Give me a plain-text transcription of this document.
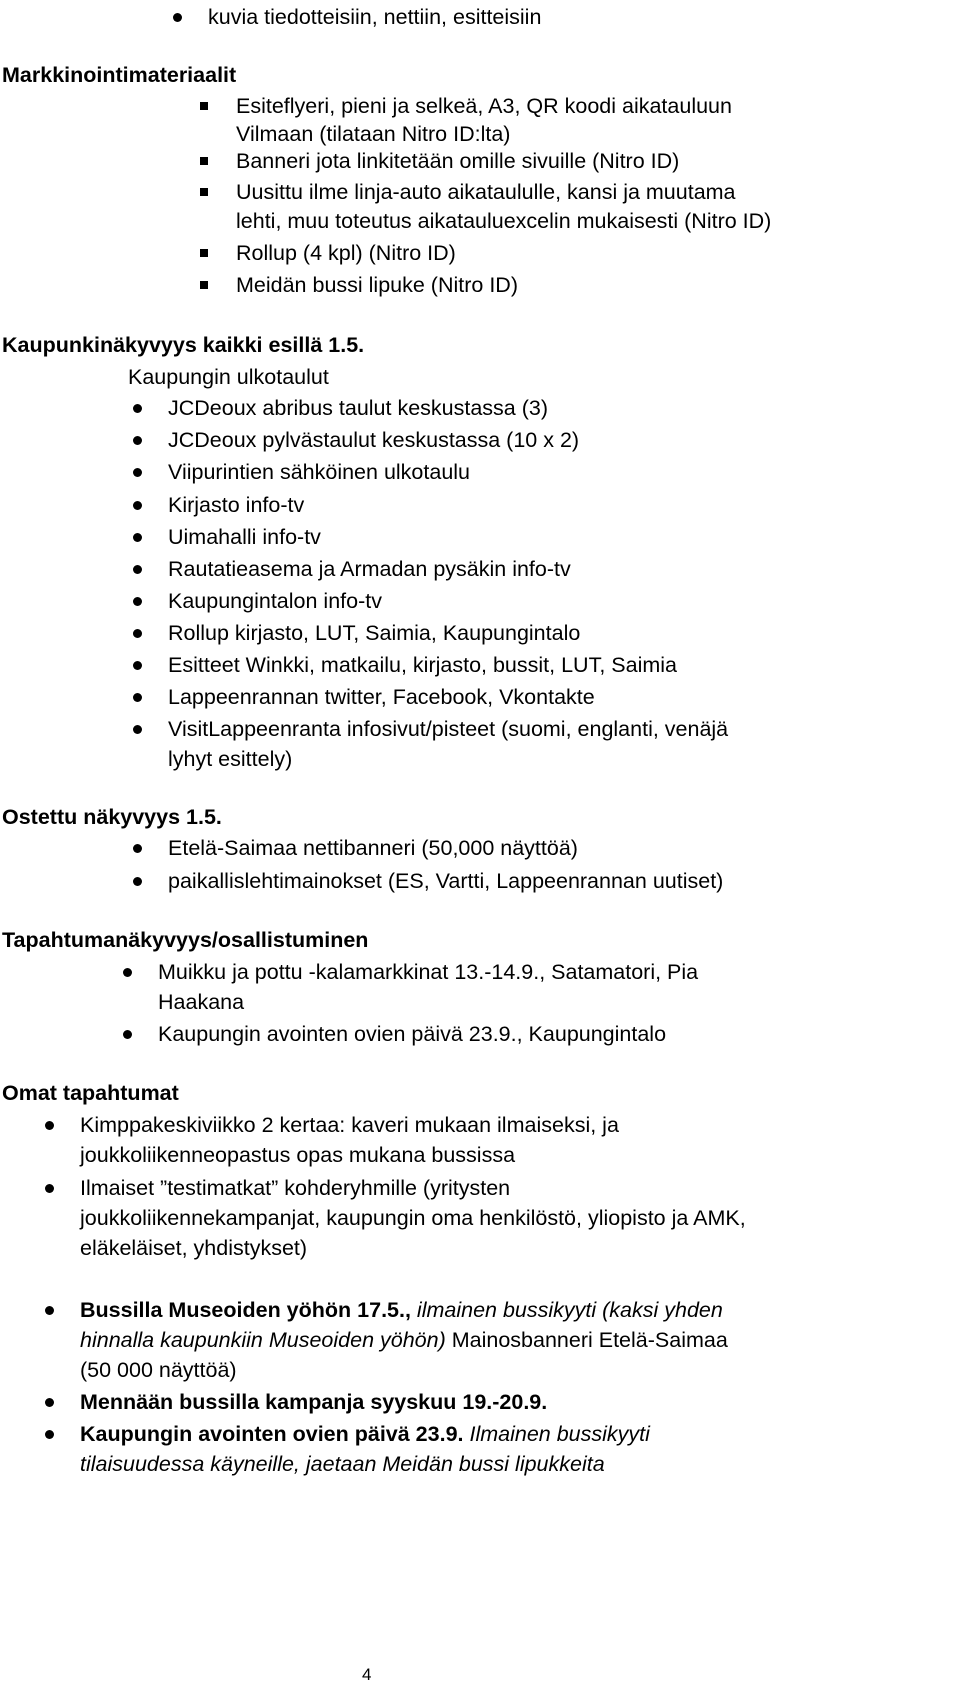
kuvia tiedotteisiin, nettiin, esitteisiin
Markkinointimateriaalit
Esiteflyeri, pieni ja selkeä, A3, QR koodi aikatauluun
Vilmaan (tilataan Nitro ID:lta)
Banneri jota linkitetään omille sivuille (Nitro ID)
Uusittu ilme linja-auto aikataululle, kansi ja muutama
lehti, muu toteutus aikatauluexcelin mukaisesti (Nitro ID)
Rollup (4 kpl) (Nitro ID)
Meidän bussi lipuke (Nitro ID)
Kaupunkinäkyvyys kaikki esillä 1.5.
Kaupungin ulkotaulut
JCDeoux abribus taulut keskustassa (3)
JCDeoux pylvästaulut keskustassa (10 x 2)
Viipurintien sähköinen ulkotaulu
Kirjasto info-tv
Uimahalli info-tv
Rautatieasema ja Armadan pysäkin info-tv
Kaupungintalon info-tv
Rollup kirjasto, LUT, Saimia, Kaupungintalo
Esitteet Winkki, matkailu, kirjasto, bussit, LUT, Saimia
Lappeenrannan twitter, Facebook, Vkontakte
VisitLappeenranta infosivut/pisteet (suomi, englanti, venäjä
lyhyt esittely)
Ostettu näkyvyys 1.5.
Etelä-Saimaa nettibanneri (50,000 näyttöä)
paikallislehtimainokset (ES, Vartti, Lappeenrannan uutiset)
Tapahtumanäkyvyys/osallistuminen
Muikku ja pottu -kalamarkkinat 13.-14.9., Satamatori, Pia
Haakana
Kaupungin avointen ovien päivä 23.9., Kaupungintalo
Omat tapahtumat
Kimppakeskiviikko 2 kertaa: kaveri mukaan ilmaiseksi, ja
joukkoliikenneopastus opas mukana bussissa
Ilmaiset ”testimatkat” kohderyhmille (yritysten
joukkoliikennekampanjat, kaupungin oma henkilöstö, yliopisto ja AMK,
eläkeläiset, yhdistykset)
Bussilla Museoiden yöhön 17.5., ilmainen bussikyyti (kaksi yhden
hinnalla kaupunkiin Museoiden yöhön) Mainosbanneri Etelä-Saimaa
(50 000 näyttöä)
Mennään bussilla kampanja syyskuu 19.-20.9.
Kaupungin avointen ovien päivä 23.9. Ilmainen bussikyyti
tilaisuudessa käyneille, jaetaan Meidän bussi lipukkeita
4
